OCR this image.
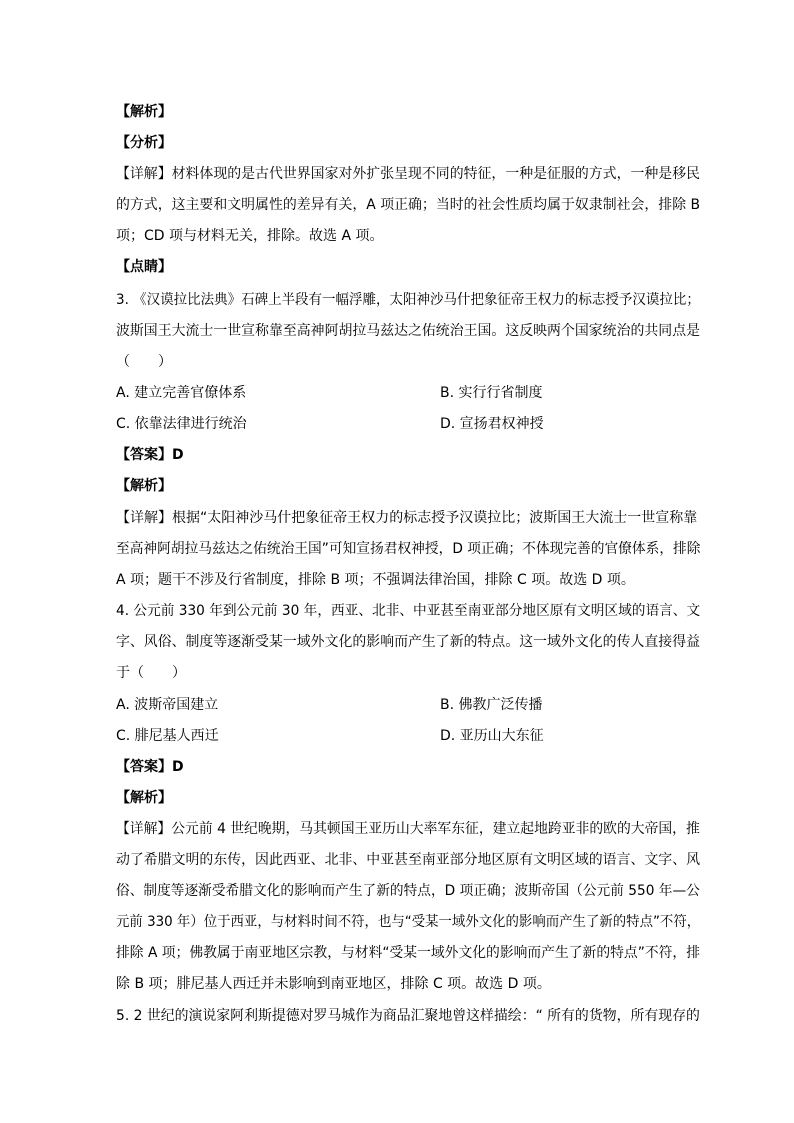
【解析】
【分析】
【详解】材料体现的是古代世界国家对外扩张呈现不同的特征，一种是征服的方式，一种是移民
的方式，这主要和文明属性的差异有关，A 项正确；当时的社会性质均属于奴隶制社会，排除 B
项；CD 项与材料无关，排除。故选 A 项。
【点睛】
3. 《汉谟拉比法典》石碑上半段有一幅浮雕，太阳神沙马什把象征帝王权力的标志授予汉谟拉比；
波斯国王大流士一世宣称靠至高神阿胡拉马兹达之佑统治王国。这反映两个国家统治的共同点是
（　　）
A. 建立完善官僚体系	B. 实行行省制度
C. 依靠法律进行统治	D. 宣扬君权神授
【答案】D
【解析】
【详解】根据“太阳神沙马什把象征帝王权力的标志授予汉谟拉比；波斯国王大流士一世宣称靠
至高神阿胡拉马兹达之佑统治王国”可知宣扬君权神授，D 项正确；不体现完善的官僚体系，排除
A 项；题干不涉及行省制度，排除 B 项；不强调法律治国，排除 C 项。故选 D 项。
4. 公元前 330 年到公元前 30 年，西亚、北非、中亚甚至南亚部分地区原有文明区域的语言、文
字、风俗、制度等逐渐受某一域外文化的影响而产生了新的特点。这一域外文化的传人直接得益
于（　　）
A. 波斯帝国建立	B. 佛教广泛传播
C. 腓尼基人西迁	D. 亚历山大东征
【答案】D
【解析】
【详解】公元前 4 世纪晚期，马其顿国王亚历山大率军东征，建立起地跨亚非的欧的大帝国，推
动了希腊文明的东传，因此西亚、北非、中亚甚至南亚部分地区原有文明区域的语言、文字、风
俗、制度等逐渐受希腊文化的影响而产生了新的特点，D 项正确；波斯帝国（公元前 550 年—公
元前 330 年）位于西亚，与材料时间不符，也与“受某一域外文化的影响而产生了新的特点”不符，
排除 A 项；佛教属于南亚地区宗教，与材料“受某一域外文化的影响而产生了新的特点”不符，排
除 B 项；腓尼基人西迁并未影响到南亚地区，排除 C 项。故选 D 项。
5. 2 世纪的演说家阿利斯提德对罗马城作为商品汇聚地曾这样描绘：“ 所有的货物，所有现存的
